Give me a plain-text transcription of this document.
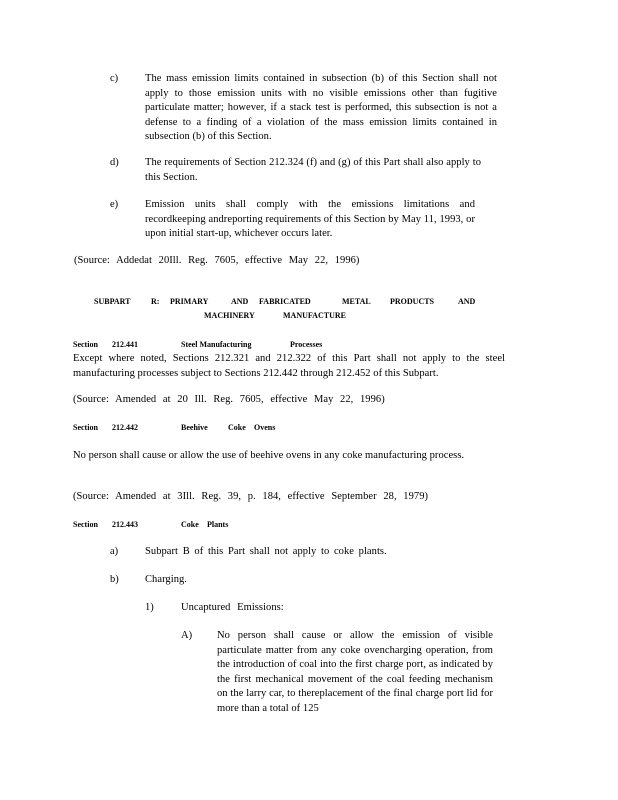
c)	The mass emission limits contained in subsection (b) of this Section shall not apply to those emission units with no visible emissions other than fugitive particulate matter; however, if a stack test is performed, this subsection is not a defense to a finding of a violation of the mass emission limits contained in subsection (b) of this Section.
d)	The requirements of Section 212.324 (f) and (g) of this Part shall also apply to this Section.
e)	Emission units shall comply with the emissions limitations and recordkeeping andreporting requirements of this Section by May 11, 1993, or upon initial start-up, whichever occurs later.
(Source: Addedat 20Ill. Reg. 7605, effective May 22, 1996)
SUBPART	R: PRIMARY	AND FABRICATED	METAL PRODUCTS	AND
MACHINERY	MANUFACTURE
Section 212.441	Steel Manufacturing	Processes
Except where noted, Sections 212.321 and 212.322 of this Part shall not apply to the steel manufacturing processes subject to Sections 212.442 through 212.452 of this Subpart.
(Source: Amended at 20 Ill. Reg. 7605, effective May 22, 1996)
Section 212.442	Beehive	Coke Ovens
No person shall cause or allow the use of beehive ovens in any coke manufacturing process.
(Source: Amended at 3Ill. Reg. 39, p. 184, effective September 28, 1979)
Section 212.443	Coke Plants
a)	Subpart B of this Part shall not apply to coke plants.
b)	Charging.
1)	Uncaptured Emissions:
A) No person shall cause or allow the emission of visible particulate matter from any coke ovencharging operation, from the introduction of coal into the first charge port, as indicated by the first mechanical movement of the coal feeding mechanism on the larry car, to thereplacement of the final charge port lid for more than a total of 125
